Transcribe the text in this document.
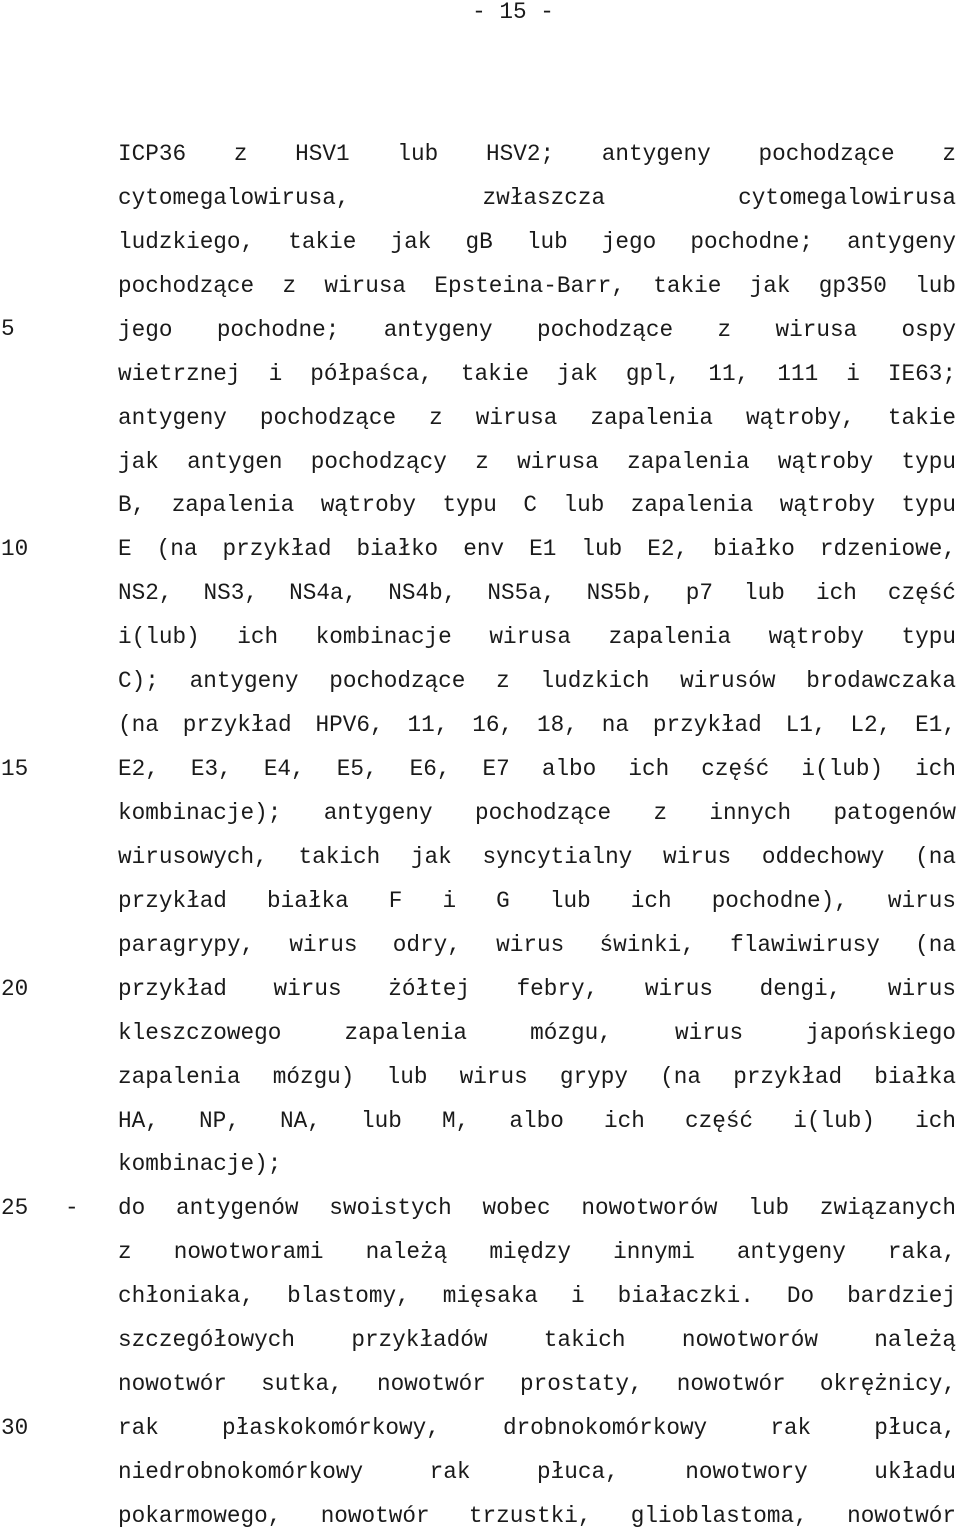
- 15 -
5
10
15
20
25
30
-
ICP36 z HSV1 lub HSV2; antygeny pochodzące z
cytomegalowirusa, zwłaszcza cytomegalowirusa
ludzkiego, takie jak gB lub jego pochodne; antygeny
pochodzące z wirusa Epsteina-Barr, takie jak gp350 lub
jego pochodne; antygeny pochodzące z wirusa ospy
wietrznej i półpaśca, takie jak gpl, 11, 111 i IE63;
antygeny pochodzące z wirusa zapalenia wątroby, takie
jak antygen pochodzący z wirusa zapalenia wątroby typu
B, zapalenia wątroby typu C lub zapalenia wątroby typu
E (na przykład białko env E1 lub E2, białko rdzeniowe,
NS2, NS3, NS4a, NS4b, NS5a, NS5b, p7 lub ich część
i(lub) ich kombinacje wirusa zapalenia wątroby typu
C); antygeny pochodzące z ludzkich wirusów brodawczaka
(na przykład HPV6, 11, 16, 18, na przykład L1, L2, E1,
E2, E3, E4, E5, E6, E7 albo ich część i(lub) ich
kombinacje); antygeny pochodzące z innych patogenów
wirusowych, takich jak syncytialny wirus oddechowy (na
przykład białka F i G lub ich pochodne), wirus
paragrypy, wirus odry, wirus świnki, flawiwirusy (na
przykład wirus żółtej febry, wirus dengi, wirus
kleszczowego zapalenia mózgu, wirus japońskiego
zapalenia mózgu) lub wirus grypy (na przykład białka
HA, NP, NA, lub M, albo ich część i(lub) ich
kombinacje);
do antygenów swoistych wobec nowotworów lub związanych
z nowotworami należą między innymi antygeny raka,
chłoniaka, blastomy, mięsaka i białaczki. Do bardziej
szczegółowych przykładów takich nowotworów należą
nowotwór sutka, nowotwór prostaty, nowotwór okrężnicy,
rak płaskokomórkowy, drobnokomórkowy rak płuca,
niedrobnokomórkowy rak płuca, nowotwory układu
pokarmowego, nowotwór trzustki, glioblastoma, nowotwór
